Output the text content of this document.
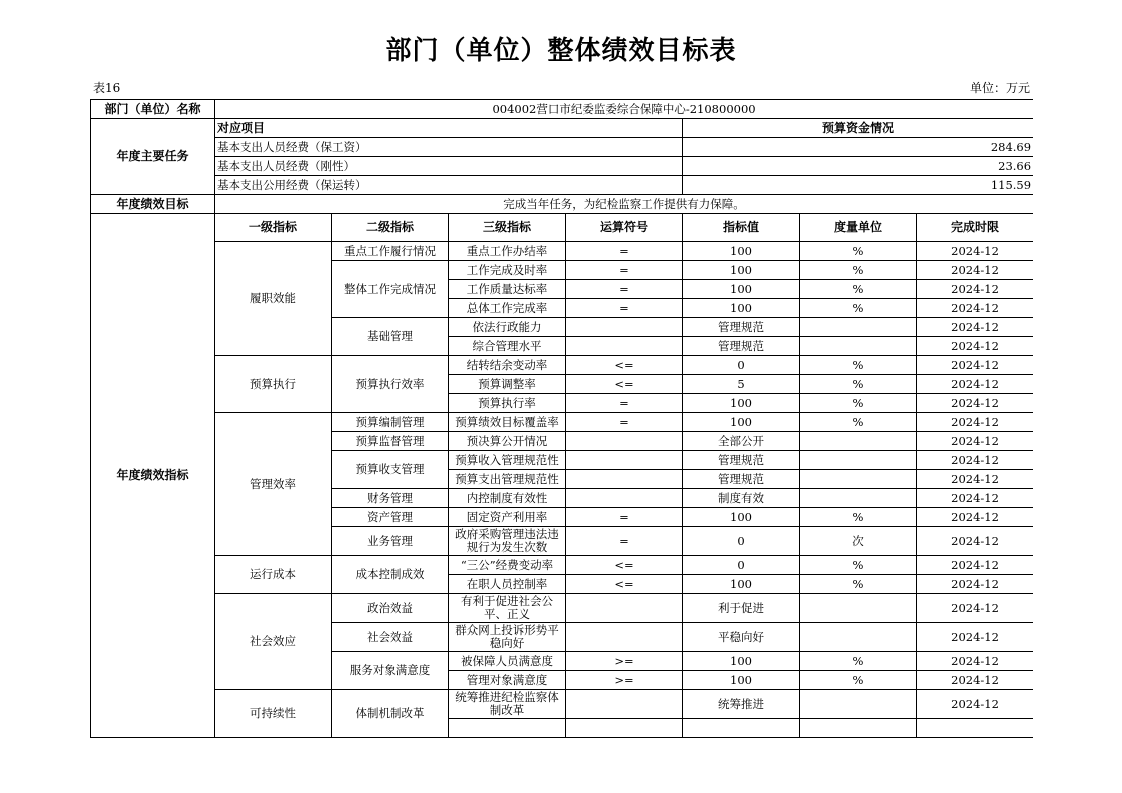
部门（单位）整体绩效目标表
表16	单位：万元
部门（单位）名称	004002营口市纪委监委综合保障中心-210800000						
年度主要任务	对应项目				预算资金情况		
	基本支出人员经费（保工资）				284.69		
	基本支出人员经费（刚性）				23.66		
	基本支出公用经费（保运转）				115.59		
年度绩效目标	完成当年任务，为纪检监察工作提供有力保障。						
年度绩效指标	一级指标	二级指标	三级指标	运算符号	指标值	度量单位	完成时限
	履职效能	重点工作履行情况	重点工作办结率	=	100	%	2024-12
		整体工作完成情况	工作完成及时率	=	100	%	2024-12
			工作质量达标率	=	100	%	2024-12
			总体工作完成率	=	100	%	2024-12
		基础管理	依法行政能力		管理规范		2024-12
			综合管理水平		管理规范		2024-12
	预算执行	预算执行效率	结转结余变动率	<=	0	%	2024-12
			预算调整率	<=	5	%	2024-12
			预算执行率	=	100	%	2024-12
	管理效率	预算编制管理	预算绩效目标覆盖率	=	100	%	2024-12
		预算监督管理	预决算公开情况		全部公开		2024-12
		预算收支管理	预算收入管理规范性		管理规范		2024-12
			预算支出管理规范性		管理规范		2024-12
		财务管理	内控制度有效性		制度有效		2024-12
		资产管理	固定资产利用率	=	100	%	2024-12
		业务管理	政府采购管理违法违规行为发生次数	=	0	次	2024-12
	运行成本	成本控制成效	“三公”经费变动率	<=	0	%	2024-12
			在职人员控制率	<=	100	%	2024-12
	社会效应	政治效益	有利于促进社会公平、正义		利于促进		2024-12
		社会效益	群众网上投诉形势平稳向好		平稳向好		2024-12
		服务对象满意度	被保障人员满意度	>=	100	%	2024-12
			管理对象满意度	>=	100	%	2024-12
	可持续性	体制机制改革	统筹推进纪检监察体制改革		统筹推进		2024-12
